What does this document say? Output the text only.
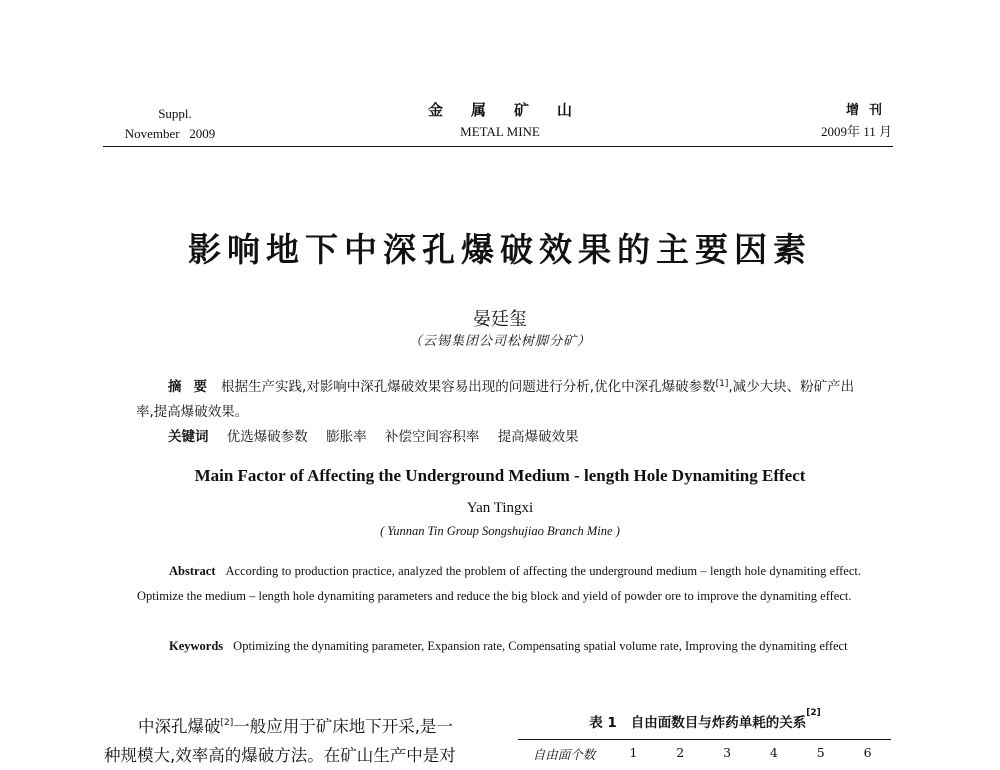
Suppl.
November   2009
金属矿山
METAL MINE
增刊
2009年 11 月
影响地下中深孔爆破效果的主要因素
晏廷玺
（云锡集团公司松树脚分矿）
摘要 根据生产实践,对影响中深孔爆破效果容易出现的问题进行分析,优化中深孔爆破参数[1],减少大块、粉矿产出率,提高爆破效果。
关键词 优选爆破参数 膨胀率 补偿空间容积率 提高爆破效果
Main Factor of Affecting the Underground Medium - length Hole Dynamiting Effect
Yan Tingxi
( Yunnan Tin Group Songshujiao Branch Mine )
Abstract According to production practice, analyzed the problem of affecting the underground medium – length hole dynamiting effect. Optimize the medium – length hole dynamiting parameters and reduce the big block and yield of powder ore to improve the dynamiting effect.
Keywords Optimizing the dynamiting parameter, Expansion rate, Compensating spatial volume rate, Improving the dynamiting effect
中深孔爆破[2]一般应用于矿床地下开采,是一
种规模大,效率高的爆破方法。在矿山生产中是对
表 1 自由面数目与炸药单耗的关系[2]
自由面个数	1	2	3	4	5	6
